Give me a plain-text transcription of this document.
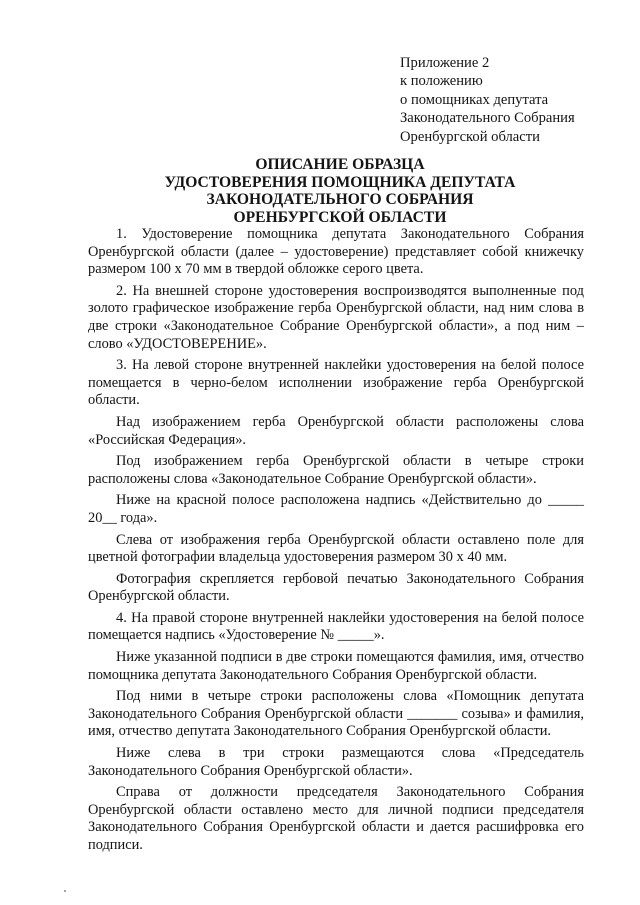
Приложение 2
к положению
о помощниках депутата
Законодательного Собрания
Оренбургской области
ОПИСАНИЕ ОБРАЗЦА
УДОСТОВЕРЕНИЯ ПОМОЩНИКА ДЕПУТАТА
ЗАКОНОДАТЕЛЬНОГО СОБРАНИЯ
ОРЕНБУРГСКОЙ ОБЛАСТИ

1. Удостоверение помощника депутата Законодательного Собрания Оренбургской области (далее – удостоверение) представляет собой книжечку размером 100 х 70 мм в твердой обложке серого цвета.

2. На внешней стороне удостоверения воспроизводятся выполненные под золото графическое изображение герба Оренбургской области, над ним слова в две строки «Законодательное Собрание Оренбургской области», а под ним – слово «УДОСТОВЕРЕНИЕ».

3. На левой стороне внутренней наклейки удостоверения на белой полосе помещается в черно-белом исполнении изображение герба Оренбургской области.

Над изображением герба Оренбургской области расположены слова «Российская Федерация».

Под изображением герба Оренбургской области в четыре строки расположены слова «Законодательное Собрание Оренбургской области».

Ниже на красной полосе расположена надпись «Действительно до _____ 20__ года».

Слева от изображения герба Оренбургской области оставлено поле для цветной фотографии владельца удостоверения размером 30 х 40 мм.

Фотография скрепляется гербовой печатью Законодательного Собрания Оренбургской области.

4. На правой стороне внутренней наклейки удостоверения на белой полосе помещается надпись «Удостоверение № _____».

Ниже указанной подписи в две строки помещаются фамилия, имя, отчество помощника депутата Законодательного Собрания Оренбургской области.

Под ними в четыре строки расположены слова «Помощник депутата Законодательного Собрания Оренбургской области _______ созыва» и фамилия, имя, отчество депутата Законодательного Собрания Оренбургской области.

Ниже слева в три строки размещаются слова «Председатель Законодательного Собрания Оренбургской области».

Справа от должности председателя Законодательного Собрания Оренбургской области оставлено место для личной подписи председателя Законодательного Собрания Оренбургской области и дается расшифровка его подписи.
